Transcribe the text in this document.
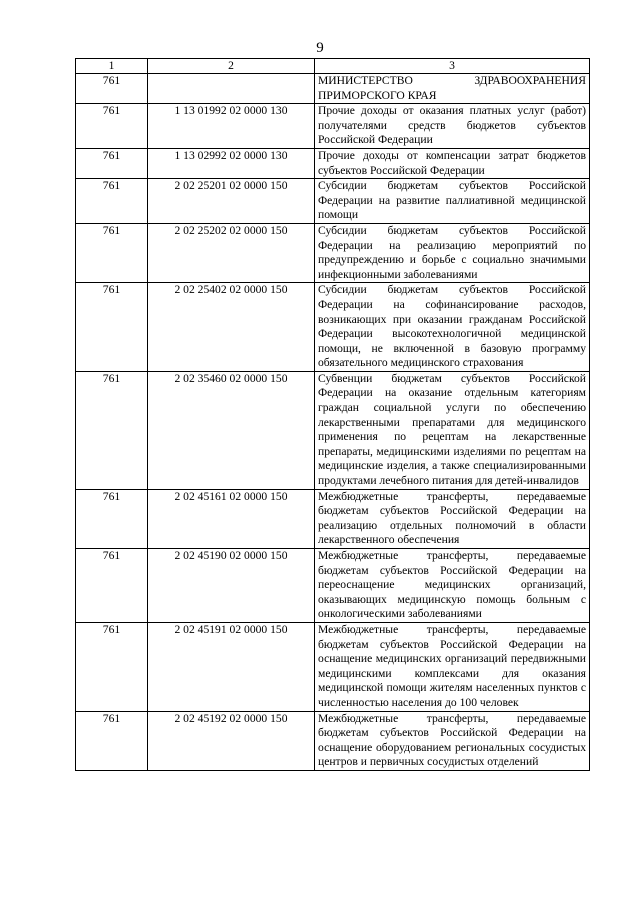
9
1	2	3
761		МИНИСТЕРСТВО ЗДРАВООХРАНЕНИЯ ПРИМОРСКОГО КРАЯ
761	1 13 01992 02 0000 130	Прочие доходы от оказания платных услуг (работ) получателями средств бюджетов субъектов Российской Федерации
761	1 13 02992 02 0000 130	Прочие доходы от компенсации затрат бюджетов субъектов Российской Федерации
761	2 02 25201 02 0000 150	Субсидии бюджетам субъектов Российской Федерации на развитие паллиативной медицинской помощи
761	2 02 25202 02 0000 150	Субсидии бюджетам субъектов Российской Федерации на реализацию мероприятий по предупреждению и борьбе с социально значимыми инфекционными заболеваниями
761	2 02 25402 02 0000 150	Субсидии бюджетам субъектов Российской Федерации на софинансирование расходов, возникающих при оказании гражданам Российской Федерации высокотехнологичной медицинской помощи, не включенной в базовую программу обязательного медицинского страхования
761	2 02 35460 02 0000 150	Субвенции бюджетам субъектов Российской Федерации на оказание отдельным категориям граждан социальной услуги по обеспечению лекарственными препаратами для медицинского применения по рецептам на лекарственные препараты, медицинскими изделиями по рецептам на медицинские изделия, а также специализированными продуктами лечебного питания для детей-инвалидов
761	2 02 45161 02 0000 150	Межбюджетные трансферты, передаваемые бюджетам субъектов Российской Федерации на реализацию отдельных полномочий в области лекарственного обеспечения
761	2 02 45190 02 0000 150	Межбюджетные трансферты, передаваемые бюджетам субъектов Российской Федерации на переоснащение медицинских организаций, оказывающих медицинскую помощь больным с онкологическими заболеваниями
761	2 02 45191 02 0000 150	Межбюджетные трансферты, передаваемые бюджетам субъектов Российской Федерации на оснащение медицинских организаций передвижными медицинскими комплексами для оказания медицинской помощи жителям населенных пунктов с численностью населения до 100 человек
761	2 02 45192 02 0000 150	Межбюджетные трансферты, передаваемые бюджетам субъектов Российской Федерации на оснащение оборудованием региональных сосудистых центров и первичных сосудистых отделений
